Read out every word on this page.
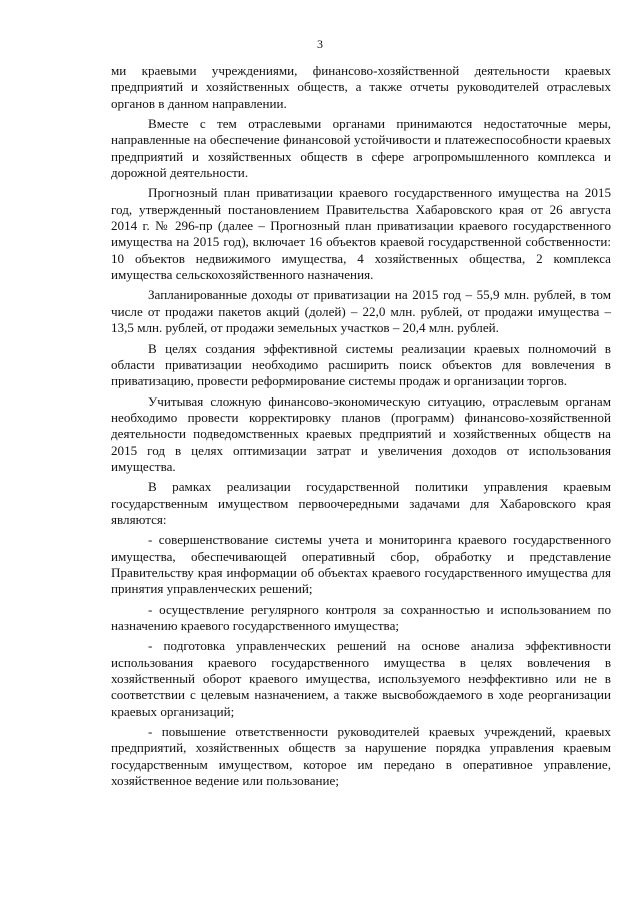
3

ми краевыми учреждениями, финансово-хозяйственной деятельности краевых предприятий и хозяйственных обществ, а также отчеты руководителей отраслевых органов в данном направлении.

Вместе с тем отраслевыми органами принимаются недостаточные меры, направленные на обеспечение финансовой устойчивости и платежеспособности краевых предприятий и хозяйственных обществ в сфере агропромышленного комплекса и дорожной деятельности.

Прогнозный план приватизации краевого государственного имущества на 2015 год, утвержденный постановлением Правительства Хабаровского края от 26 августа 2014 г. № 296-пр (далее – Прогнозный план приватизации краевого государственного имущества на 2015 год), включает 16 объектов краевой государственной собственности: 10 объектов недвижимого имущества, 4 хозяйственных общества, 2 комплекса имущества сельскохозяйственного назначения.

Запланированные доходы от приватизации на 2015 год – 55,9 млн. рублей, в том числе от продажи пакетов акций (долей) – 22,0 млн. рублей, от продажи имущества – 13,5 млн. рублей, от продажи земельных участков – 20,4 млн. рублей.

В целях создания эффективной системы реализации краевых полномочий в области приватизации необходимо расширить поиск объектов для вовлечения в приватизацию, провести реформирование системы продаж и организации торгов.

Учитывая сложную финансово-экономическую ситуацию, отраслевым органам необходимо провести корректировку планов (программ) финансово-хозяйственной деятельности подведомственных краевых предприятий и хозяйственных обществ на 2015 год в целях оптимизации затрат и увеличения доходов от использования имущества.

В рамках реализации государственной политики управления краевым государственным имуществом первоочередными задачами для Хабаровского края являются:

- совершенствование системы учета и мониторинга краевого государственного имущества, обеспечивающей оперативный сбор, обработку и представление Правительству края информации об объектах краевого государственного имущества для принятия управленческих решений;

- осуществление регулярного контроля за сохранностью и использованием по назначению краевого государственного имущества;

- подготовка управленческих решений на основе анализа эффективности использования краевого государственного имущества в целях вовлечения в хозяйственный оборот краевого имущества, используемого неэффективно или не в соответствии с целевым назначением, а также высвобождаемого в ходе реорганизации краевых организаций;

- повышение ответственности руководителей краевых учреждений, краевых предприятий, хозяйственных обществ за нарушение порядка управления краевым государственным имуществом, которое им передано в оперативное управление, хозяйственное ведение или пользование;
